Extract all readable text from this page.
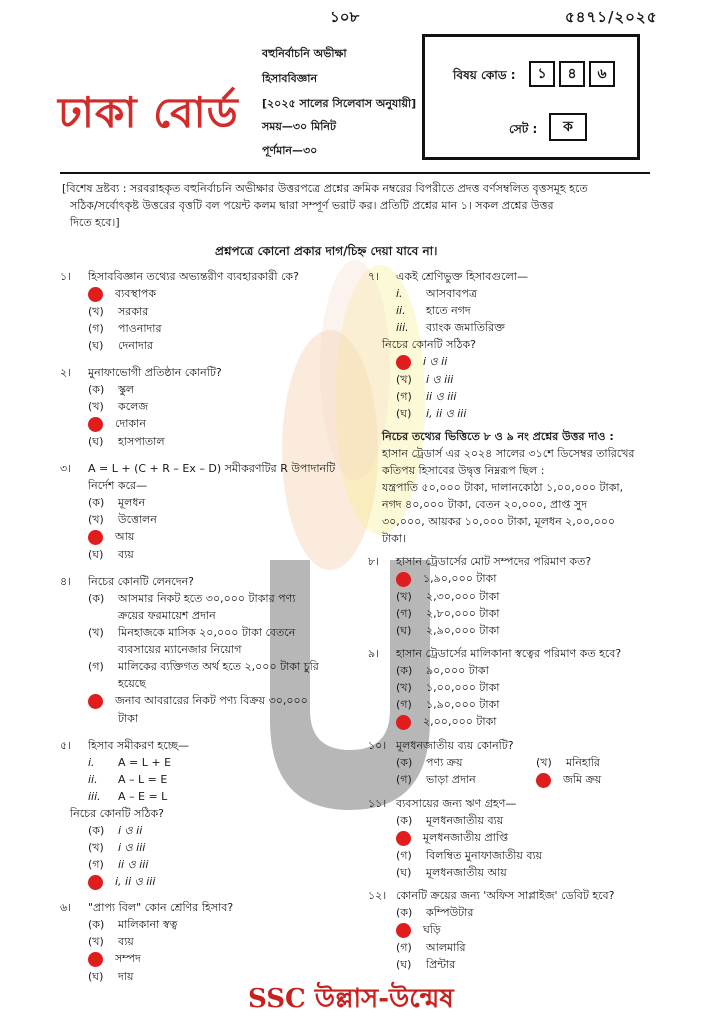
১০৮	৫৪৭১/২০২৫
ঢাকা বোর্ড
বহুনির্বাচনি অভীক্ষা
হিসাববিজ্ঞান
[২০২৫ সালের সিলেবাস অনুযায়ী]
সময়—৩০ মিনিট
পূর্ণমান—৩০
বিষয় কোড :	১	৪	৬
সেট :	ক
[বিশেষ দ্রষ্টব্য : সরবরাহকৃত বহুনির্বাচনি অভীক্ষার উত্তরপত্রে প্রশ্নের ক্রমিক নম্বরের বিপরীতে প্রদত্ত বর্ণসম্বলিত বৃত্তসমূহ হতে
সঠিক/সর্বোৎকৃষ্ট উত্তরের বৃত্তটি বল পয়েন্ট কলম দ্বারা সম্পূর্ণ ভরাট কর। প্রতিটি প্রশ্নের মান ১। সকল প্রশ্নের উত্তর
দিতে হবে।]
প্রশ্নপত্রে কোনো প্রকার দাগ/চিহ্ন দেয়া যাবে না।
১। হিসাববিজ্ঞান তথ্যের অভ্যন্তরীণ ব্যবহারকারী কে?
ব্যবস্থাপক
(খ) সরকার
(গ) পাওনাদার
(ঘ) দেনাদার
২। মুনাফাভোগী প্রতিষ্ঠান কোনটি?
(ক) স্কুল
(খ) কলেজ
দোকান
(ঘ) হাসপাতাল
৩। A = L + (C + R – Ex – D) সমীকরণটির R উপাদানটি
নির্দেশ করে—
(ক) মূলধন
(খ) উত্তোলন
আয়
(ঘ) ব্যয়
৪। নিচের কোনটি লেনদেন?
(ক) আসমার নিকট হতে ৩০,০০০ টাকার পণ্য
ক্রয়ের ফরমায়েশ প্রদান
(খ) মিনহাজকে মাসিক ২০,০০০ টাকা বেতনে
ব্যবসায়ের ম্যানেজার নিয়োগ
(গ) মালিকের ব্যক্তিগত অর্থ হতে ২,০০০ টাকা চুরি
হয়েছে
জনাব আবরারের নিকট পণ্য বিক্রয় ৩০,০০০
টাকা
৫। হিসাব সমীকরণ হচ্ছে—
i. A = L + E
ii. A – L = E
iii. A – E = L
নিচের কোনটি সঠিক?
(ক) i ও ii
(খ) i ও iii
(গ) ii ও iii
i, ii ও iii
৬। "প্রাপ্য বিল" কোন শ্রেণির হিসাব?
(ক) মালিকানা স্বত্ব
(খ) ব্যয়
সম্পদ
(ঘ) দায়
৭। একই শ্রেণিভুক্ত হিসাবগুলো—
i. আসবাবপত্র
ii. হাতে নগদ
iii. ব্যাংক জমাতিরিক্ত
নিচের কোনটি সঠিক?
i ও ii
(খ) i ও iii
(গ) ii ও iii
(ঘ) i, ii ও iii
নিচের তথ্যের ভিত্তিতে ৮ ও ৯ নং প্রশ্নের উত্তর দাও :
হাসান ট্রেডার্স এর ২০২৪ সালের ৩১শে ডিসেম্বর তারিখের
কতিপয় হিসাবের উদ্বৃত্ত নিম্নরূপ ছিল :
যন্ত্রপাতি ৫০,০০০ টাকা, দালানকোঠা ১,০০,০০০ টাকা,
নগদ ৪০,০০০ টাকা, বেতন ২০,০০০, প্রাপ্ত সুদ
৩০,০০০, আয়কর ১০,০০০ টাকা, মূলধন ২,০০,০০০
টাকা।
৮। হাসান ট্রেডার্সের মোট সম্পদের পরিমাণ কত?
১,৯০,০০০ টাকা
(খ) ২,৩০,০০০ টাকা
(গ) ২,৮০,০০০ টাকা
(ঘ) ২,৯০,০০০ টাকা
৯। হাসান ট্রেডার্সের মালিকানা স্বত্বের পরিমাণ কত হবে?
(ক) ৯০,০০০ টাকা
(খ) ১,০০,০০০ টাকা
(গ) ১,৯০,০০০ টাকা
২,০০,০০০ টাকা
১০। মূলধনজাতীয় ব্যয় কোনটি?
(ক) পণ্য ক্রয়	(খ) মনিহারি
(গ) ভাড়া প্রদান	জমি ক্রয়
১১। ব্যবসায়ের জন্য ঋণ গ্রহণ—
(ক) মূলধনজাতীয় ব্যয়
মূলধনজাতীয় প্রাপ্তি
(গ) বিলম্বিত মুনাফাজাতীয় ব্যয়
(ঘ) মূলধনজাতীয় আয়
১২। কোনটি ক্রয়ের জন্য 'অফিস সাপ্লাইজ' ডেবিট হবে?
(ক) কম্পিউটার
ঘড়ি
(গ) আলমারি
(ঘ) প্রিন্টার
SSC উল্লাস-উন্মেষ
